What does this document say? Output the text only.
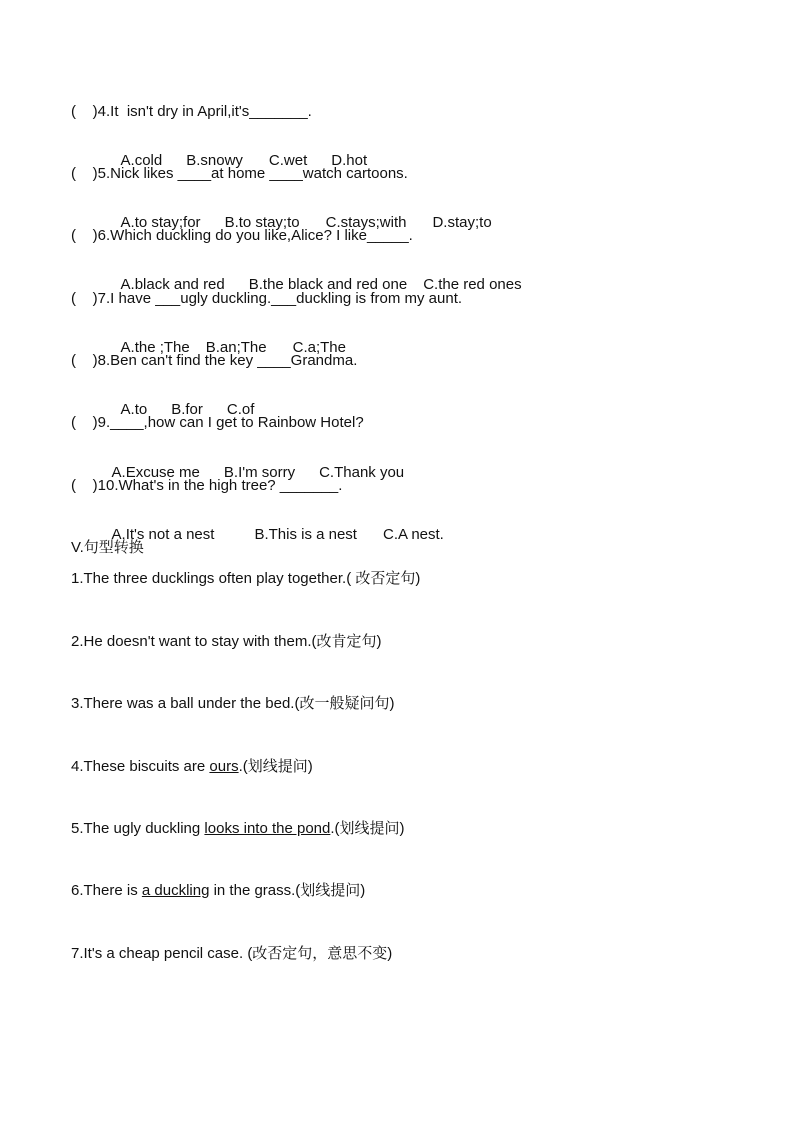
(    )4.It  isn't dry in April,it's_______.

A.cold B.snowy C.wet D.hot

(    )5.Nick likes ____at home ____watch cartoons.

A.to stay;for B.to stay;to C.stays;with D.stay;to

(    )6.Which duckling do you like,Alice? I like_____.

A.black and red B.the black and red one C.the red ones

(    )7.I have ___ugly duckling.___duckling is from my aunt.

A.the ;The B.an;The C.a;The

(    )8.Ben can't find the key ____Grandma.

A.to B.for C.of

(    )9.____,how can I get to Rainbow Hotel?

A.Excuse me B.I'm sorry C.Thank you

(    )10.What's in the high tree? _______.

A.It's not a nest	B.This is a nest C.A nest.

V.句型转换
1.The three ducklings often play together.( 改否定句)
2.He doesn't want to stay with them.(改肯定句)
3.There was a ball under the bed.(改一般疑问句)
4.These biscuits are ours.(划线提问)
5.The ugly duckling looks into the pond.(划线提问)
6.There is a duckling in the grass.(划线提问)
7.It's a cheap pencil case. (改否定句，意思不变)
